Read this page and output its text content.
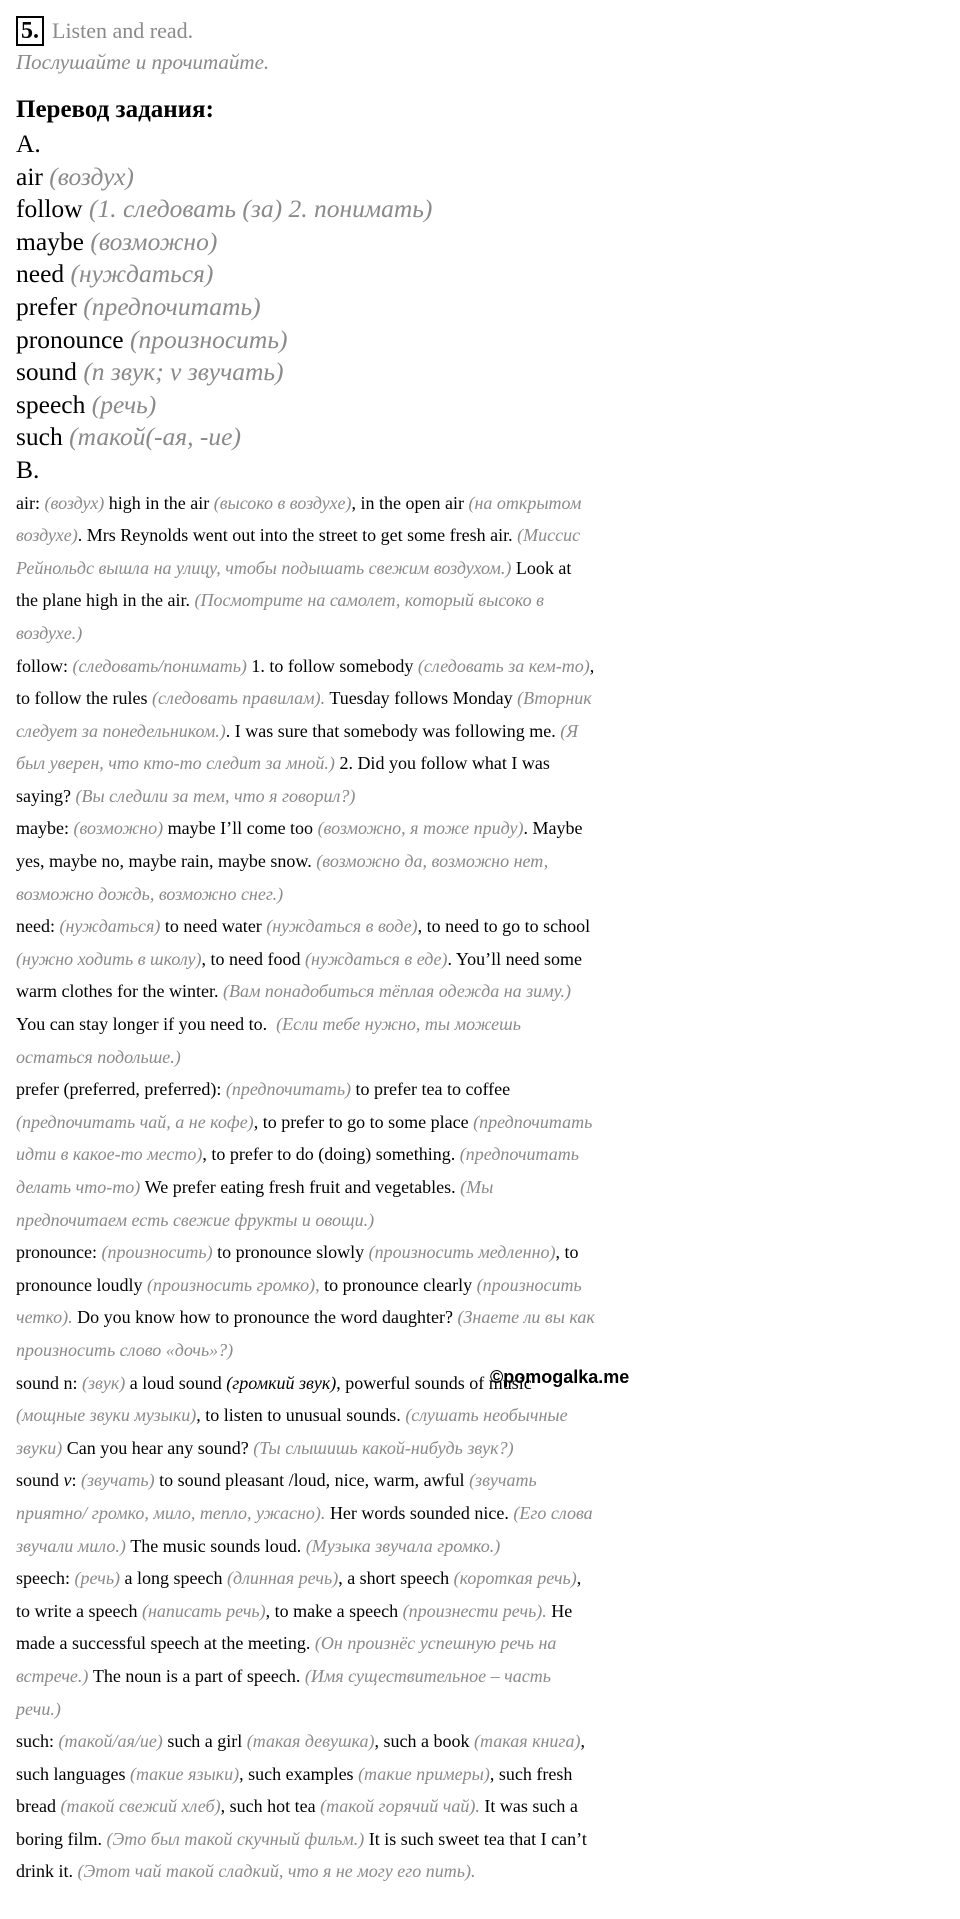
5. Listen and read.
Послушайте и прочитайте.
Перевод задания:
A.
air (воздух)
follow (1. следовать (за) 2. понимать)
maybe (возможно)
need (нуждаться)
prefer (предпочитать)
pronounce (произносить)
sound (n звук; v звучать)
speech (речь)
such (такой(-ая, -ие)
B.
air: (воздух) high in the air (высоко в воздухе), in the open air (на открытом
воздухе). Mrs Reynolds went out into the street to get some fresh air. (Миссис
Рейнольдс вышла на улицу, чтобы подышать свежим воздухом.) Look at
the plane high in the air. (Посмотрите на самолет, который высоко в
воздухе.)
follow: (следовать/понимать) 1. to follow somebody (следовать за кем-то),
to follow the rules (следовать правилам). Tuesday follows Monday (Вторник
следует за понедельником.). I was sure that somebody was following me. (Я
был уверен, что кто-то следит за мной.) 2. Did you follow what I was
saying? (Вы следили за тем, что я говорил?)
maybe: (возможно) maybe I’ll come too (возможно, я тоже приду). Maybe
yes, maybe no, maybe rain, maybe snow. (возможно да, возможно нет,
возможно дождь, возможно снег.)
need: (нуждаться) to need water (нуждаться в воде), to need to go to school
(нужно ходить в школу), to need food (нуждаться в еде). You’ll need some
warm clothes for the winter. (Вам понадобиться тёплая одежда на зиму.)
You can stay longer if you need to.  (Если тебе нужно, ты можешь
остаться подольше.)
prefer (preferred, preferred): (предпочитать) to prefer tea to coffee
(предпочитать чай, а не кофе), to prefer to go to some place (предпочитать
идти в какое-то место), to prefer to do (doing) something. (предпочитать
делать что-то) We prefer eating fresh fruit and vegetables. (Мы
предпочитаем есть свежие фрукты и овощи.)
pronounce: (произносить) to pronounce slowly (произносить медленно), to
pronounce loudly (произносить громко), to pronounce clearly (произносить
четко). Do you know how to pronounce the word daughter? (Знаете ли вы как
произносить слово «дочь»?)
sound n: (звук) a loud sound (громкий звук), powerful sounds of music
(мощные звуки музыки), to listen to unusual sounds. (слушать необычные
звуки) Can you hear any sound? (Ты слышишь какой-нибудь звук?)
sound v: (звучать) to sound pleasant /loud, nice, warm, awful (звучать
приятно/ громко, мило, тепло, ужасно). Her words sounded nice. (Его слова
звучали мило.) The music sounds loud. (Музыка звучала громко.)
speech: (речь) a long speech (длинная речь), a short speech (короткая речь),
to write a speech (написать речь), to make a speech (произнести речь). He
made a successful speech at the meeting. (Он произнёс успешную речь на
встрече.) The noun is a part of speech. (Имя существительное – часть
речи.)
such: (такой/ая/ие) such a girl (такая девушка), such a book (такая книга),
such languages (такие языки), such examples (такие примеры), such fresh
bread (такой свежий хлеб), such hot tea (такой горячий чай). It was such a
boring film. (Это был такой скучный фильм.) It is such sweet tea that I can’t
drink it. (Этот чай такой сладкий, что я не могу его пить).
©pomogalka.me
